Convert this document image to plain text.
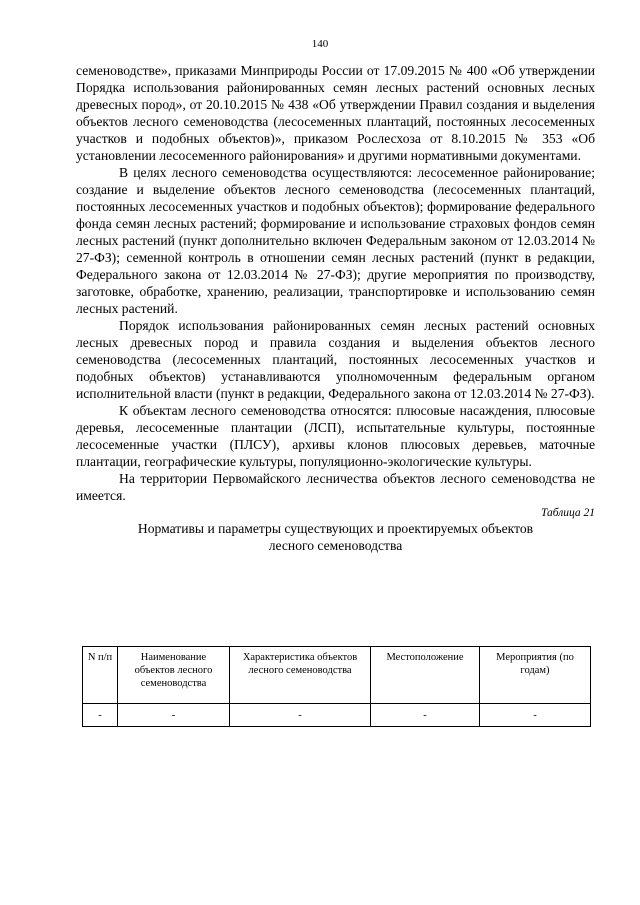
140

семеноводстве», приказами Минприроды России от 17.09.2015 № 400 «Об утверждении Порядка использования районированных семян лесных растений основных лесных древесных пород», от 20.10.2015 № 438 «Об утверждении Правил создания и выделения объектов лесного семеноводства (лесосеменных плантаций, постоянных лесосеменных участков и подобных объектов)», приказом Рослесхоза от 8.10.2015 № 353 «Об установлении лесосеменного районирования» и другими нормативными документами.

В целях лесного семеноводства осуществляются: лесосеменное районирование; создание и выделение объектов лесного семеноводства (лесосеменных плантаций, постоянных лесосеменных участков и подобных объектов); формирование федерального фонда семян лесных растений; формирование и использование страховых фондов семян лесных растений (пункт дополнительно включен Федеральным законом от 12.03.2014 № 27-ФЗ); семенной контроль в отношении семян лесных растений (пункт в редакции, Федерального закона от 12.03.2014 № 27-ФЗ); другие мероприятия по производству, заготовке, обработке, хранению, реализации, транспортировке и использованию семян лесных растений.

Порядок использования районированных семян лесных растений основных лесных древесных пород и правила создания и выделения объектов лесного семеноводства (лесосеменных плантаций, постоянных лесосеменных участков и подобных объектов) устанавливаются уполномоченным федеральным органом исполнительной власти (пункт в редакции, Федерального закона от 12.03.2014 № 27-ФЗ).

К объектам лесного семеноводства относятся: плюсовые насаждения, плюсовые деревья, лесосеменные плантации (ЛСП), испытательные культуры, постоянные лесосеменные участки (ПЛСУ), архивы клонов плюсовых деревьев, маточные плантации, географические культуры, популяционно-экологические культуры.

На территории Первомайского лесничества объектов лесного семеноводства не имеется.

Таблица 21

Нормативы и параметры существующих и проектируемых объектов
лесного семеноводства

N п/п	Наименование объектов лесного семеноводства	Характеристика объектов лесного семеноводства	Местоположение	Мероприятия (по годам)
-	-	-	-	-
